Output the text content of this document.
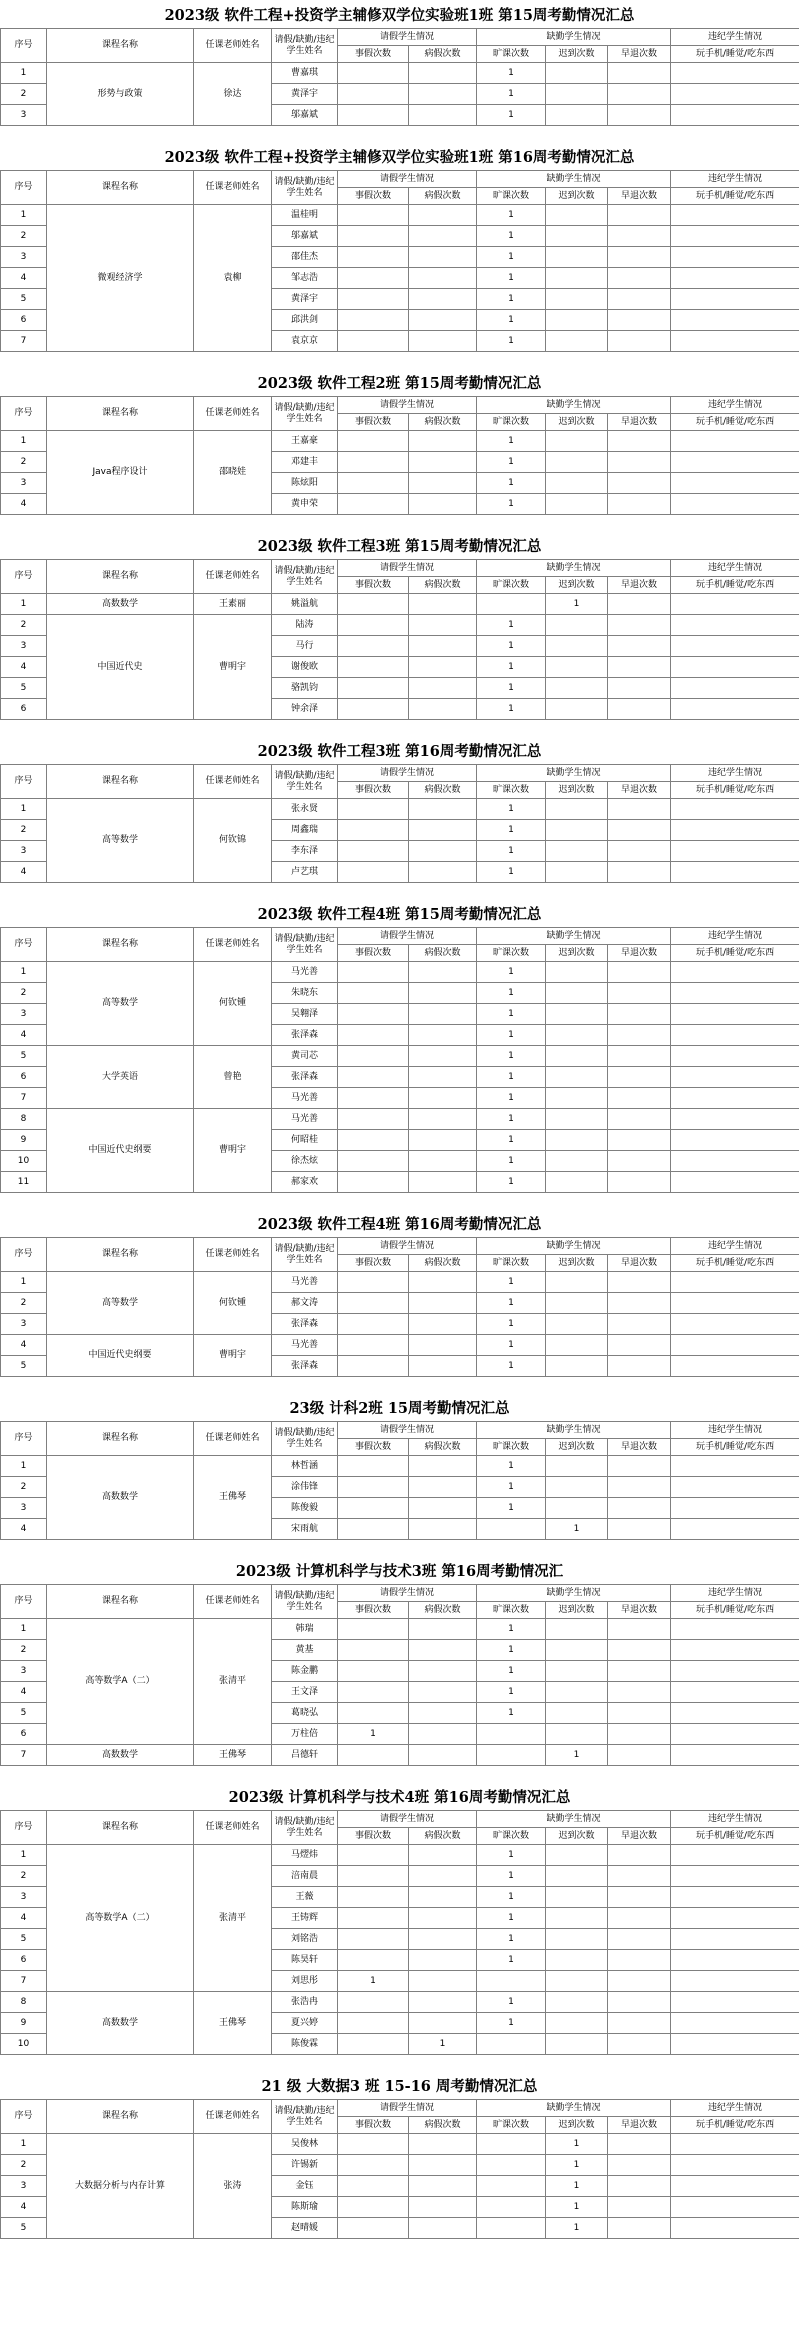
2023级 软件工程+投资学主辅修双学位实验班1班 第15周考勤情况汇总
序号	课程名称	任课老师姓名	请假/缺勤/违纪学生姓名	请假学生情况		缺勤学生情况			违纪学生情况
				事假次数	病假次数	旷课次数	迟到次数	早退次数	玩手机/睡觉/吃东西
1	形势与政策	徐达	曹嘉琪			1			
2			黄泽宇			1			
3			邬嘉斌			1			
2023级 软件工程+投资学主辅修双学位实验班1班 第16周考勤情况汇总
序号	课程名称	任课老师姓名	请假/缺勤/违纪学生姓名	请假学生情况		缺勤学生情况			违纪学生情况
				事假次数	病假次数	旷课次数	迟到次数	早退次数	玩手机/睡觉/吃东西
1	微观经济学	袁柳	温桂明			1			
2			邬嘉斌			1			
3			邵佳杰			1			
4			邹志浩			1			
5			黄泽宇			1			
6			邱洪剑			1			
7			袁京京			1			
2023级 软件工程2班 第15周考勤情况汇总
序号	课程名称	任课老师姓名	请假/缺勤/违纪学生姓名	请假学生情况		缺勤学生情况			违纪学生情况
				事假次数	病假次数	旷课次数	迟到次数	早退次数	玩手机/睡觉/吃东西
1	Java程序设计	邵晓娃	王嘉豪			1			
2			邓建丰			1			
3			陈炫阳			1			
4			黄申荣			1			
2023级 软件工程3班 第15周考勤情况汇总
序号	课程名称	任课老师姓名	请假/缺勤/违纪学生姓名	请假学生情况		缺勤学生情况			违纪学生情况
				事假次数	病假次数	旷课次数	迟到次数	早退次数	玩手机/睡觉/吃东西
1	高数数学	王素丽	姚溢航				1		
2	中国近代史	曹明宇	陆涛			1			
3			马行			1			
4			谢俊欧			1			
5			骆凯钧			1			
6			钟余泽			1			
2023级 软件工程3班 第16周考勤情况汇总
序号	课程名称	任课老师姓名	请假/缺勤/违纪学生姓名	请假学生情况		缺勤学生情况			违纪学生情况
				事假次数	病假次数	旷课次数	迟到次数	早退次数	玩手机/睡觉/吃东西
1	高等数学	何钦锦	张永贤			1			
2			周鑫瑞			1			
3			李东泽			1			
4			卢艺琪			1			
2023级 软件工程4班 第15周考勤情况汇总
序号	课程名称	任课老师姓名	请假/缺勤/违纪学生姓名	请假学生情况		缺勤学生情况			违纪学生情况
				事假次数	病假次数	旷课次数	迟到次数	早退次数	玩手机/睡觉/吃东西
1	高等数学	何钦锺	马光善			1			
2			朱晓东			1			
3			吴翱泽			1			
4			张泽森			1			
5	大学英语	曾艳	黄司芯			1			
6			张泽森			1			
7			马光善			1			
8	中国近代史纲要	曹明宇	马光善			1			
9			何昭桂			1			
10			徐杰炫			1			
11			郝家欢			1			
2023级 软件工程4班 第16周考勤情况汇总
序号	课程名称	任课老师姓名	请假/缺勤/违纪学生姓名	请假学生情况		缺勤学生情况			违纪学生情况
				事假次数	病假次数	旷课次数	迟到次数	早退次数	玩手机/睡觉/吃东西
1	高等数学	何钦锺	马光善			1			
2			郝文涛			1			
3			张泽森			1			
4	中国近代史纲要	曹明宇	马光善			1			
5			张泽森			1			
23级 计科2班 15周考勤情况汇总
序号	课程名称	任课老师姓名	请假/缺勤/违纪学生姓名	请假学生情况		缺勤学生情况			违纪学生情况
				事假次数	病假次数	旷课次数	迟到次数	早退次数	玩手机/睡觉/吃东西
1	高数数学	王佛琴	林哲涵			1			
2			涂伟锋			1			
3			陈俊毅			1			
4			宋雨航				1		
2023级 计算机科学与技术3班 第16周考勤情况汇
序号	课程名称	任课老师姓名	请假/缺勤/违纪学生姓名	请假学生情况		缺勤学生情况			违纪学生情况
				事假次数	病假次数	旷课次数	迟到次数	早退次数	玩手机/睡觉/吃东西
1	高等数学A（二）	张清平	韩瑞			1			
2			黄基			1			
3			陈金鹏			1			
4			王文泽			1			
5			葛晓弘			1			
6			万柱倍	1					
7	高数数学	王佛琴	吕德轩				1		
2023级 计算机科学与技术4班 第16周考勤情况汇总
序号	课程名称	任课老师姓名	请假/缺勤/违纪学生姓名	请假学生情况		缺勤学生情况			违纪学生情况
				事假次数	病假次数	旷课次数	迟到次数	早退次数	玩手机/睡觉/吃东西
1	高等数学A（二）	张清平	马熤炜			1			
2			涪南晨			1			
3			王薇			1			
4			王铸辉			1			
5			刘铭浩			1			
6			陈昊轩			1			
7			刘思彤	1					
8	高数数学	王佛琴	张浩冉			1			
9			夏兴婷			1			
10			陈俊霖		1				
21 级 大数据3 班 15-16 周考勤情况汇总
序号	课程名称	任课老师姓名	请假/缺勤/违纪学生姓名	请假学生情况		缺勤学生情况			违纪学生情况
				事假次数	病假次数	旷课次数	迟到次数	早退次数	玩手机/睡觉/吃东西
1	大数据分析与内存计算	张涛	吴俊林				1		
2			许锡新				1		
3			金钰				1		
4			陈斯瑜				1		
5			赵晴媛				1		
